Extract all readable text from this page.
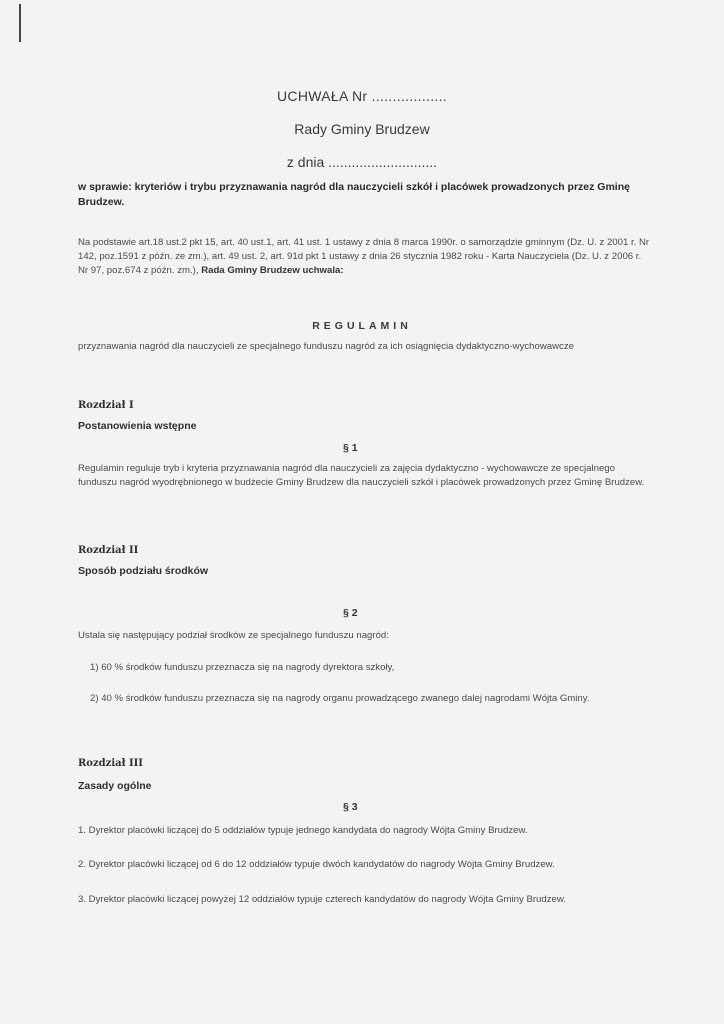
UCHWAŁA Nr ..................
Rady Gminy Brudzew
z dnia ............................
w sprawie: kryteriów i trybu przyznawania nagród dla nauczycieli szkół i placówek prowadzonych przez Gminę Brudzew.
Na podstawie art.18 ust.2 pkt 15, art. 40 ust.1, art. 41 ust. 1 ustawy z dnia 8 marca 1990r. o samorządzie gminnym (Dz. U. z 2001 r. Nr 142, poz.1591 z późn. ze zm.), art. 49 ust. 2, art. 91d pkt 1 ustawy z dnia 26 stycznia 1982 roku - Karta Nauczyciela (Dz. U. z 2006 r. Nr 97, poz.674 z późn. zm.), Rada Gminy Brudzew uchwala:
REGULAMIN
przyznawania nagród dla nauczycieli ze specjalnego funduszu nagród za ich osiągnięcia dydaktyczno-wychowawcze
Rozdział I
Postanowienia wstępne
§ 1
Regulamin reguluje tryb i kryteria przyznawania nagród dla nauczycieli za zajęcia dydaktyczno - wychowawcze ze specjalnego funduszu nagród wyodrębnionego w budżecie Gminy Brudzew dla nauczycieli szkół i placówek prowadzonych przez Gminę Brudzew.
Rozdział II
Sposób podziału środków
§ 2
Ustala się następujący podział środków ze specjalnego funduszu nagród:
1) 60 % środków funduszu przeznacza się na nagrody dyrektora szkoły,
2) 40 % środków funduszu przeznacza się na nagrody organu prowadzącego zwanego dalej nagrodami Wójta Gminy.
Rozdział III
Zasady ogólne
§ 3
1. Dyrektor placówki liczącej do 5 oddziałów typuje jednego kandydata do nagrody Wójta Gminy Brudzew.
2. Dyrektor placówki liczącej od 6 do 12 oddziałów typuje dwóch kandydatów do nagrody Wójta Gminy Brudzew.
3. Dyrektor placówki liczącej powyżej 12 oddziałów typuje czterech kandydatów do nagrody Wójta Gminy Brudzew.
